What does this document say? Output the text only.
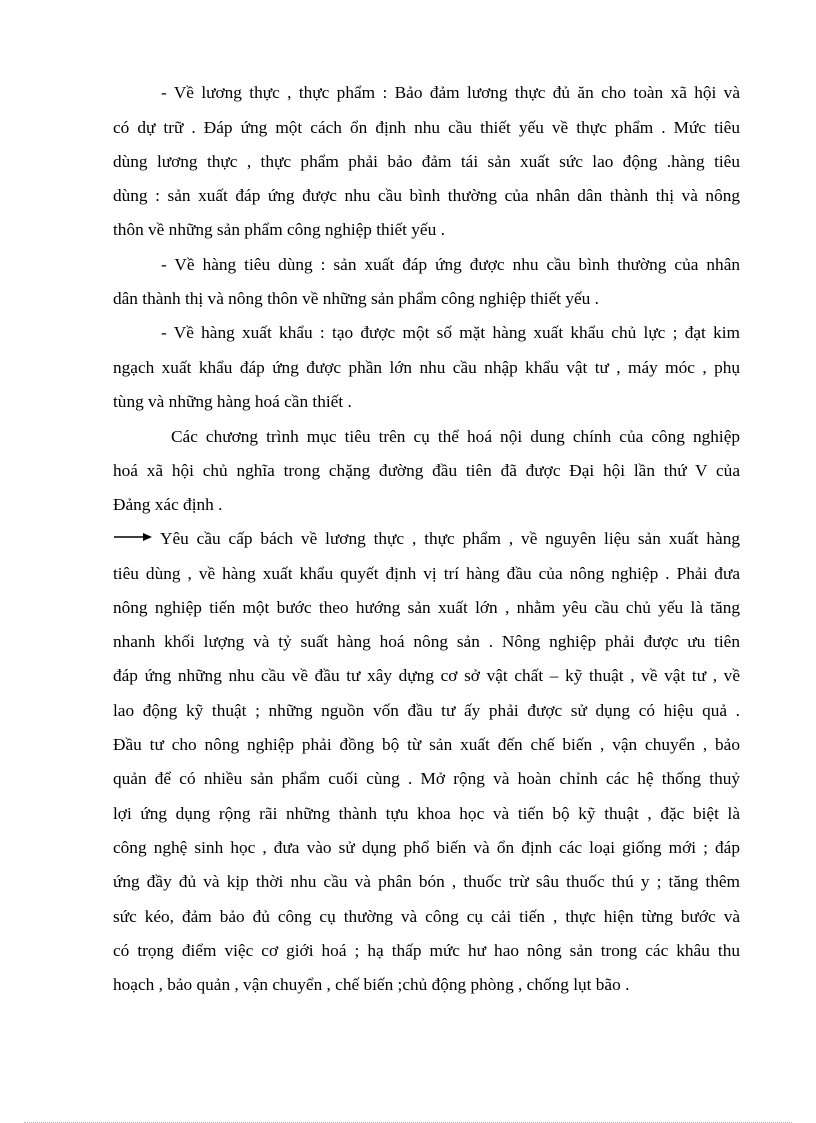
- Về lương thực , thực phẩm : Bảo đảm lương thực đủ ăn cho toàn xã hội và
có dự trữ . Đáp ứng một cách ổn định nhu cầu thiết yếu về thực phẩm . Mức tiêu
dùng lương thực , thực phẩm phải bảo đảm tái sản xuất sức lao động .hàng tiêu
dùng : sản xuất đáp ứng được nhu cầu bình thường của nhân dân thành thị và nông
thôn về những sản phẩm công nghiệp thiết yếu .
- Về hàng tiêu dùng : sản xuất đáp ứng được nhu cầu bình thường của nhân
dân thành thị và nông thôn về những sản phẩm công nghiệp thiết yếu .
- Về hàng xuất khẩu : tạo được một số mặt hàng xuất khẩu chủ lực ; đạt kim
ngạch xuất khẩu đáp ứng được phần lớn nhu cầu nhập khẩu vật tư , máy móc , phụ
tùng và những hàng hoá cần thiết .
Các chương trình mục tiêu trên cụ thể hoá nội dung chính của công nghiệp
hoá xã hội chủ nghĩa trong chặng đường đầu tiên đã được Đại hội lần thứ V của
Đảng xác định .
Yêu cầu cấp bách về lương thực , thực phẩm , về nguyên liệu sản xuất hàng
tiêu dùng , về hàng xuất khẩu quyết định vị trí hàng đầu của nông nghiệp . Phải đưa
nông nghiệp tiến một bước theo hướng sản xuất lớn , nhằm yêu cầu chủ yếu là tăng
nhanh khối lượng và tỷ suất hàng hoá nông sản . Nông nghiệp phải được ưu tiên
đáp ứng những nhu cầu về đầu tư xây dựng cơ sở vật chất – kỹ thuật , về vật tư , về
lao động kỹ thuật ; những nguồn vốn đầu tư ấy phải được sử dụng có hiệu quả .
Đầu tư cho nông nghiệp phải đồng bộ từ sản xuất đến chế biến , vận chuyển , bảo
quản để có nhiều sản phẩm cuối cùng . Mở rộng và hoàn chỉnh các hệ thống thuỷ
lợi ứng dụng rộng rãi những thành tựu khoa học và tiến bộ kỹ thuật , đặc biệt là
công nghệ sinh học , đưa vào sử dụng phổ biến và ổn định các loại giống mới ; đáp
ứng đầy đủ và kịp thời nhu cầu và phân bón , thuốc trừ sâu thuốc thú y ; tăng thêm
sức kéo, đảm bảo đủ công cụ thường và công cụ cải tiến , thực hiện từng bước và
có trọng điểm việc cơ giới hoá ; hạ thấp mức hư hao nông sản trong các khâu thu
hoạch , bảo quản , vận chuyển , chế biến ;chủ động phòng , chống lụt bão .
